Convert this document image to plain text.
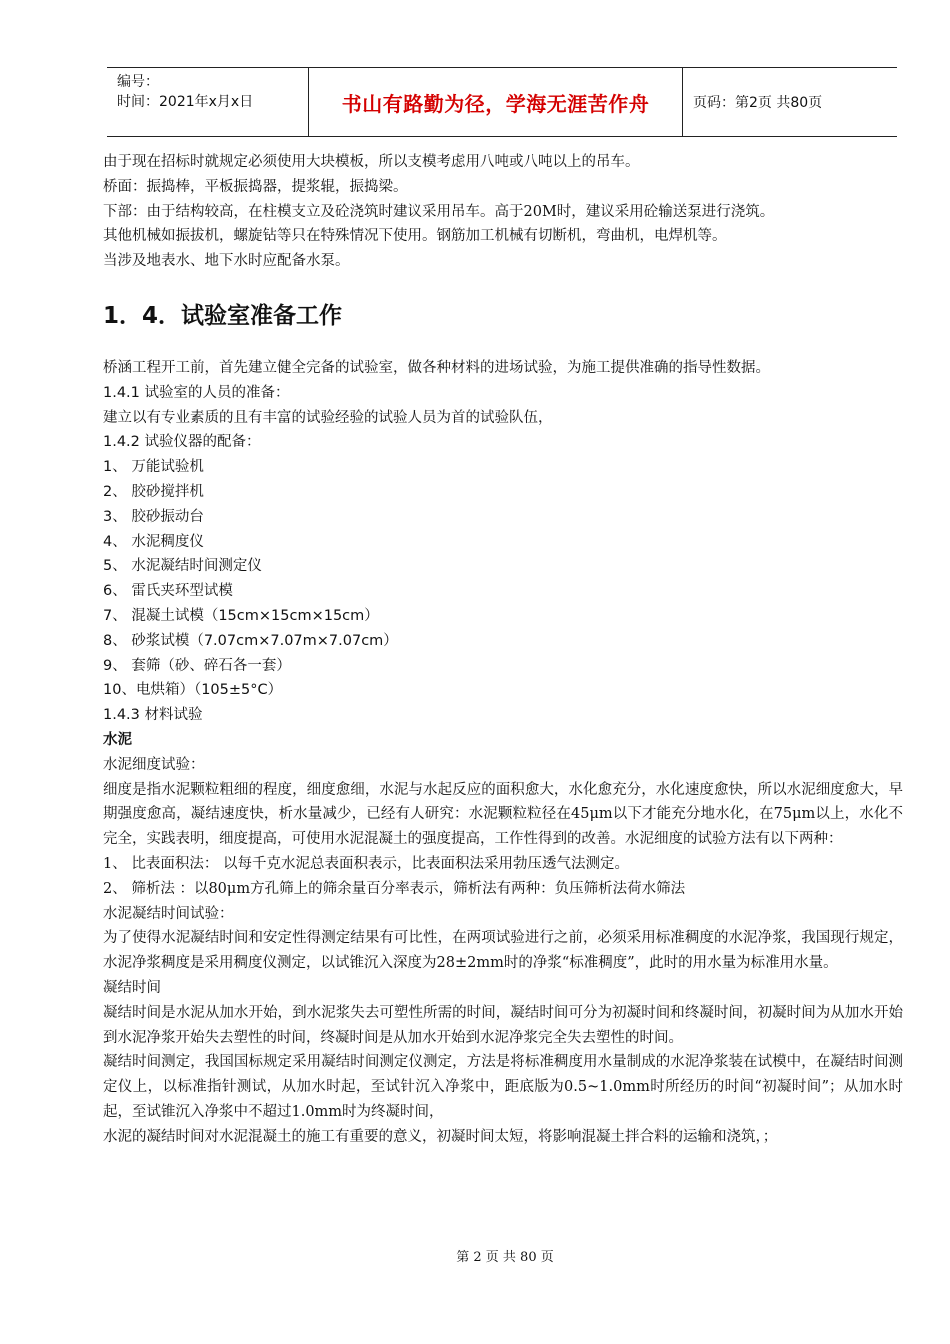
编号：
时间：2021年x月x日	书山有路勤为径，学海无涯苦作舟	页码：第2页 共80页

由于现在招标时就规定必须使用大块模板，所以支模考虑用八吨或八吨以上的吊车。

桥面：振捣棒，平板振捣器，提浆辊，振捣梁。

下部：由于结构较高，在柱模支立及砼浇筑时建议采用吊车。高于20M时，建议采用砼输送泵进行浇筑。

其他机械如振拔机，螺旋钻等只在特殊情况下使用。钢筋加工机械有切断机，弯曲机，电焊机等。

当涉及地表水、地下水时应配备水泵。

1．4．试验室准备工作

桥涵工程开工前，首先建立健全完备的试验室，做各种材料的进场试验，为施工提供准确的指导性数据。

1.4.1 试验室的人员的准备：

建立以有专业素质的且有丰富的试验经验的试验人员为首的试验队伍，

1.4.2 试验仪器的配备：

1、 万能试验机

2、 胶砂搅拌机

3、 胶砂振动台

4、 水泥稠度仪

5、 水泥凝结时间测定仪

6、 雷氏夹环型试模

7、 混凝土试模（15cm×15cm×15cm）

8、 砂浆试模（7.07cm×7.07m×7.07cm）

9、 套筛（砂、碎石各一套）

10、电烘箱）（105±5°C）

1.4.3 材料试验

水泥

水泥细度试验：

细度是指水泥颗粒粗细的程度，细度愈细，水泥与水起反应的面积愈大，水化愈充分，水化速度愈快，所以水泥细度愈大，早期强度愈高，凝结速度快，析水量减少，已经有人研究：水泥颗粒粒径在45μm以下才能充分地水化，在75μm以上，水化不完全，实践表明，细度提高，可使用水泥混凝土的强度提高，工作性得到的改善。水泥细度的试验方法有以下两种：

1、 比表面积法： 以每千克水泥总表面积表示，比表面积法采用勃压透气法测定。

2、 筛析法 ：以80μm方孔筛上的筛余量百分率表示，筛析法有两种：负压筛析法荷水筛法

水泥凝结时间试验：

为了使得水泥凝结时间和安定性得测定结果有可比性，在两项试验进行之前，必须采用标准稠度的水泥净浆，我国现行规定，水泥净浆稠度是采用稠度仪测定，以试锥沉入深度为28±2mm时的净浆“标准稠度”，此时的用水量为标准用水量。

凝结时间

凝结时间是水泥从加水开始，到水泥浆失去可塑性所需的时间，凝结时间可分为初凝时间和终凝时间，初凝时间为从加水开始到水泥净浆开始失去塑性的时间，终凝时间是从加水开始到水泥净浆完全失去塑性的时间。

凝结时间测定，我国国标规定采用凝结时间测定仪测定，方法是将标准稠度用水量制成的水泥净浆装在试模中，在凝结时间测定仪上，以标准指针测试，从加水时起，至试针沉入净浆中，距底版为0.5~1.0mm时所经历的时间“初凝时间”；从加水时起，至试锥沉入净浆中不超过1.0mm时为终凝时间，

水泥的凝结时间对水泥混凝土的施工有重要的意义，初凝时间太短，将影响混凝土拌合料的运输和浇筑，；

第 2 页 共 80 页
